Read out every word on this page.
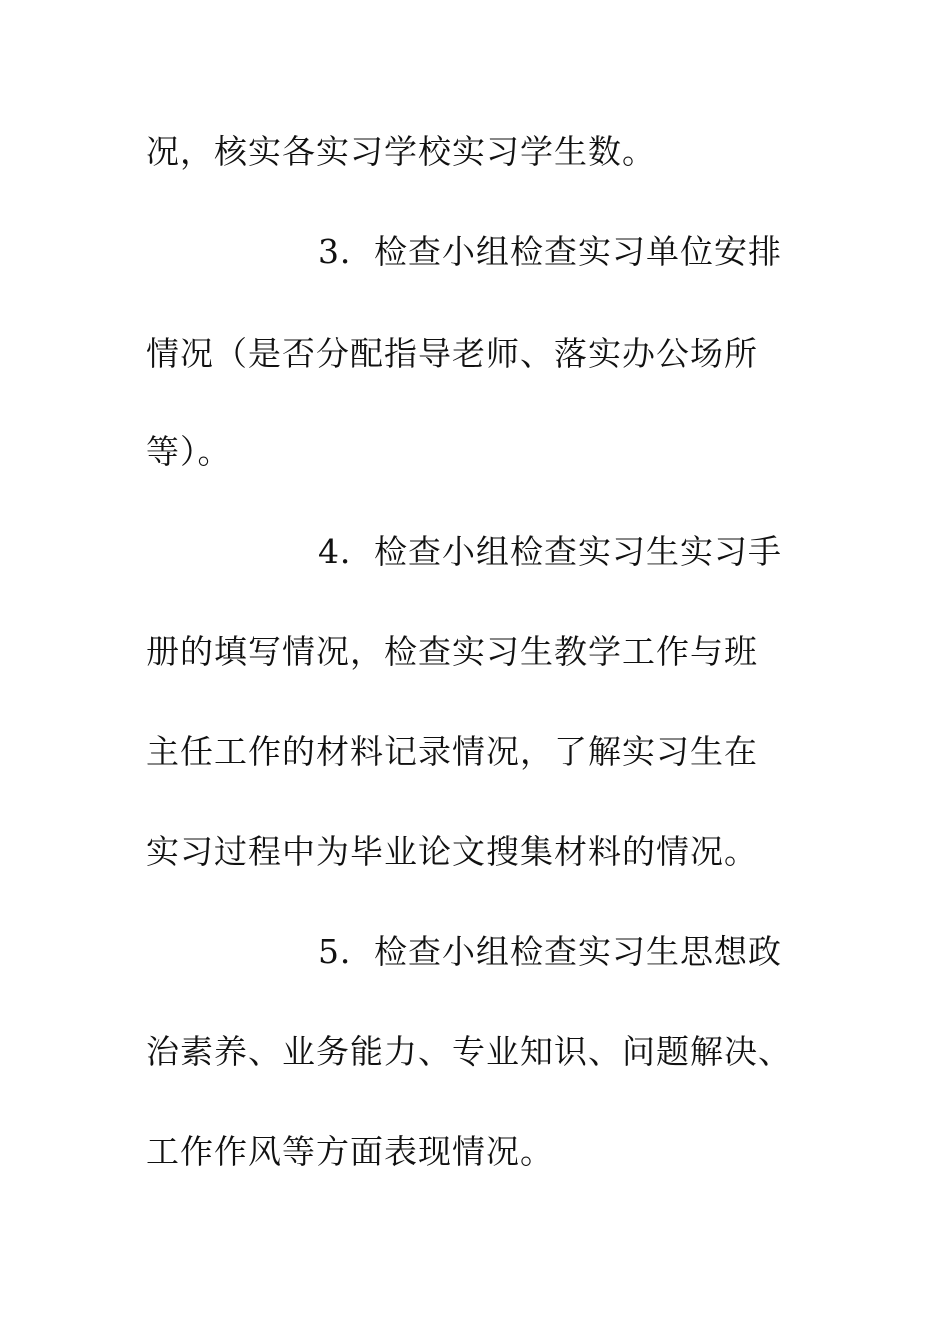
况，核实各实习学校实习学生数。
3．检查小组检查实习单位安排
情况（是否分配指导老师、落实办公场所
等）。
4．检查小组检查实习生实习手
册的填写情况，检查实习生教学工作与班
主任工作的材料记录情况，了解实习生在
实习过程中为毕业论文搜集材料的情况。
5．检查小组检查实习生思想政
治素养、业务能力、专业知识、问题解决、
工作作风等方面表现情况。
